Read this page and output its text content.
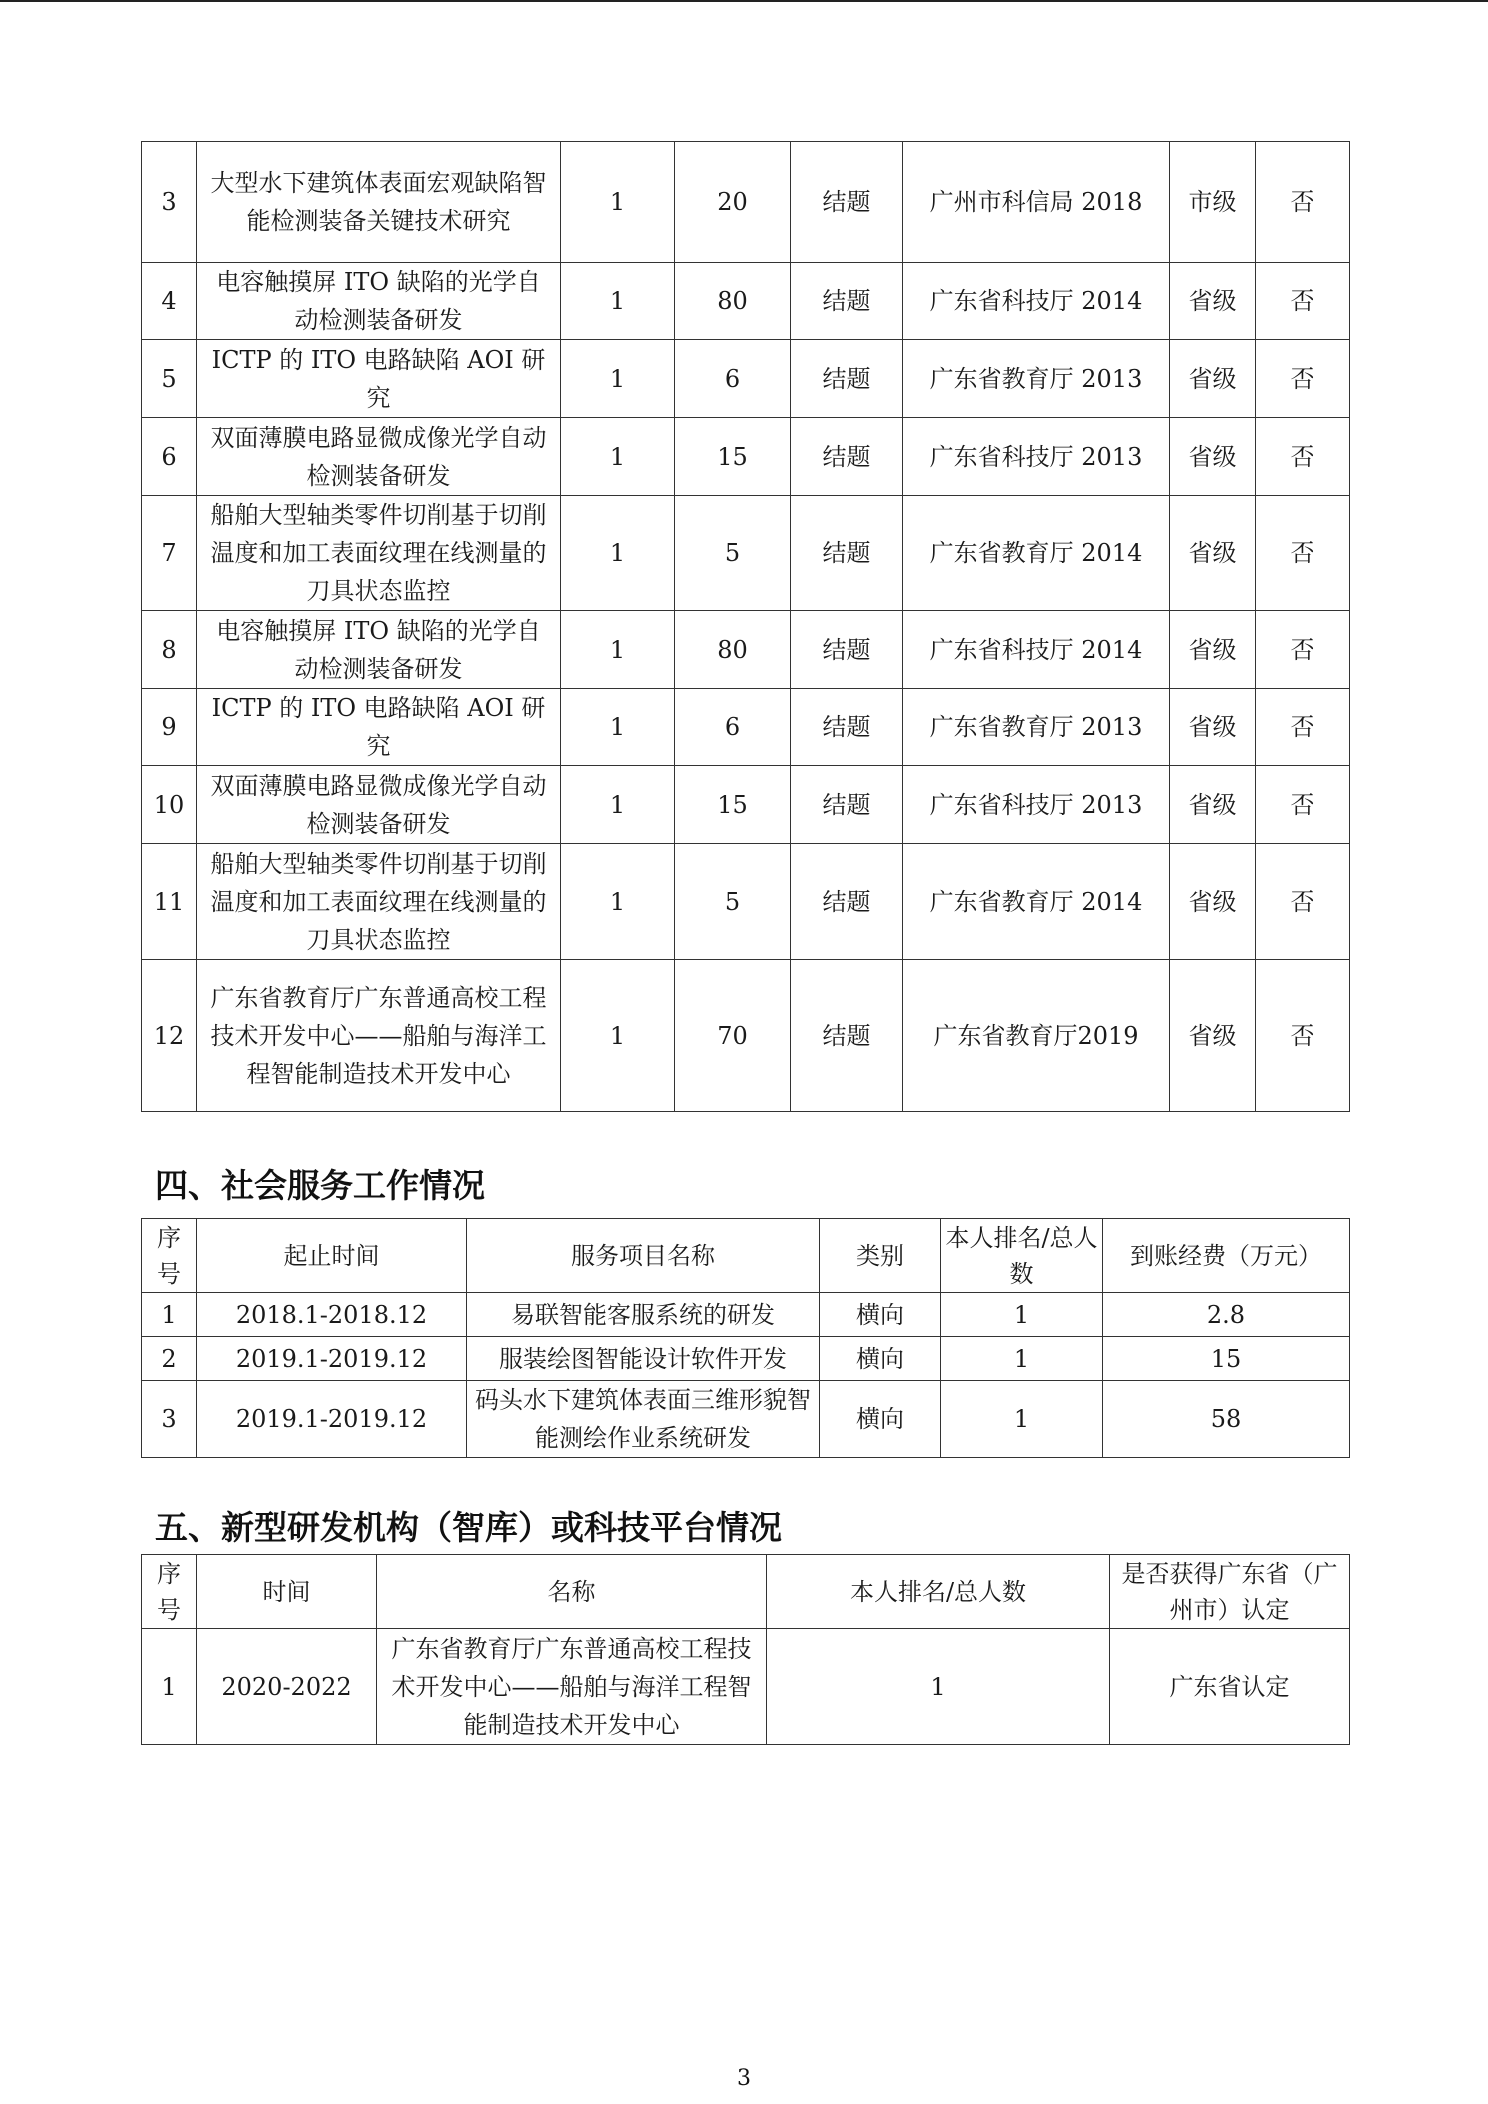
3	大型水下建筑体表面宏观缺陷智能检测装备关键技术研究	1	20	结题	广州市科信局 2018	市级	否
4	电容触摸屏 ITO 缺陷的光学自动检测装备研发	1	80	结题	广东省科技厅 2014	省级	否
5	ICTP 的 ITO 电路缺陷 AOI 研究	1	6	结题	广东省教育厅 2013	省级	否
6	双面薄膜电路显微成像光学自动检测装备研发	1	15	结题	广东省科技厅 2013	省级	否
7	船舶大型轴类零件切削基于切削温度和加工表面纹理在线测量的刀具状态监控	1	5	结题	广东省教育厅 2014	省级	否
8	电容触摸屏 ITO 缺陷的光学自动检测装备研发	1	80	结题	广东省科技厅 2014	省级	否
9	ICTP 的 ITO 电路缺陷 AOI 研究	1	6	结题	广东省教育厅 2013	省级	否
10	双面薄膜电路显微成像光学自动检测装备研发	1	15	结题	广东省科技厅 2013	省级	否
11	船舶大型轴类零件切削基于切削温度和加工表面纹理在线测量的刀具状态监控	1	5	结题	广东省教育厅 2014	省级	否
12	广东省教育厅广东普通高校工程技术开发中心——船舶与海洋工程智能制造技术开发中心	1	70	结题	广东省教育厅2019	省级	否
四、社会服务工作情况
序号	起止时间	服务项目名称	类别	本人排名/总人数	到账经费（万元）
1	2018.1-2018.12	易联智能客服系统的研发	横向	1	2.8
2	2019.1-2019.12	服装绘图智能设计软件开发	横向	1	15
3	2019.1-2019.12	码头水下建筑体表面三维形貌智能测绘作业系统研发	横向	1	58
五、新型研发机构（智库）或科技平台情况
序号	时间	名称	本人排名/总人数	是否获得广东省（广州市）认定
1	2020-2022	广东省教育厅广东普通高校工程技术开发中心——船舶与海洋工程智能制造技术开发中心	1	广东省认定
3
